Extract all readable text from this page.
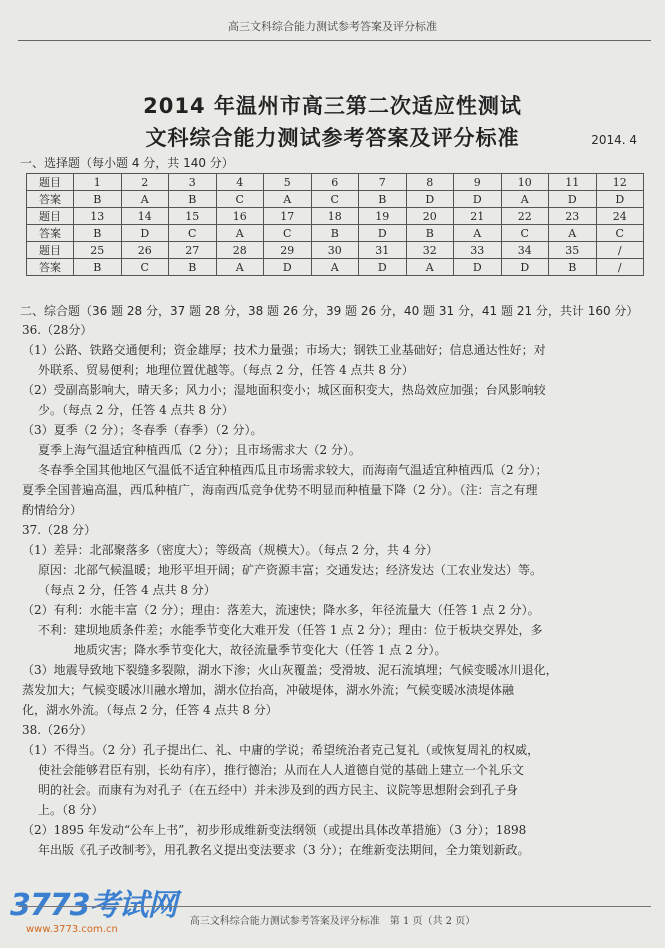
高三文科综合能力测试参考答案及评分标准
2014 年温州市高三第二次适应性测试
文科综合能力测试参考答案及评分标准	2014. 4
一、选择题（每小题 4 分，共 140 分）
题目	1	2	3	4	5	6	7	8	9	10	11	12
答案	B	A	B	C	A	C	B	D	D	A	D	D
题目	13	14	15	16	17	18	19	20	21	22	23	24
答案	B	D	C	A	C	B	D	B	A	C	A	C
题目	25	26	27	28	29	30	31	32	33	34	35	/
答案	B	C	B	A	D	A	D	A	D	D	B	/
二、综合题（36 题 28 分，37 题 28 分，38 题 26 分，39 题 26 分，40 题 31 分，41 题 21 分，共计 160 分）
36.（28分）
（1）公路、铁路交通便利；资金雄厚；技术力量强；市场大；钢铁工业基础好；信息通达性好；对
外联系、贸易便利；地理位置优越等。（每点 2 分，任答 4 点共 8 分）
（2）受副高影响大，晴天多；风力小；湿地面积变小；城区面积变大，热岛效应加强；台风影响较
少。（每点 2 分，任答 4 点共 8 分）
（3）夏季（2 分）；冬春季（春季）（2 分）。
夏季上海气温适宜种植西瓜（2 分）；且市场需求大（2 分）。
冬春季全国其他地区气温低不适宜种植西瓜且市场需求较大，而海南气温适宜种植西瓜（2 分）；
夏季全国普遍高温，西瓜种植广，海南西瓜竞争优势不明显而种植量下降（2 分）。（注：言之有理
酌情给分）
37.（28 分）
（1）差异：北部聚落多（密度大）；等级高（规模大）。（每点 2 分，共 4 分）
原因：北部气候温暖；地形平坦开阔；矿产资源丰富；交通发达；经济发达（工农业发达）等。
（每点 2 分，任答 4 点共 8 分）
（2）有利：水能丰富（2 分）；理由：落差大，流速快；降水多，年径流量大（任答 1 点 2 分）。
不利：建坝地质条件差；水能季节变化大难开发（任答 1 点 2 分）；理由：位于板块交界处，多
地质灾害；降水季节变化大，故径流量季节变化大（任答 1 点 2 分）。
（3）地震导致地下裂缝多裂隙，湖水下渗；火山灰覆盖；受滑坡、泥石流填埋；气候变暖冰川退化，
蒸发加大；气候变暖冰川融水增加，湖水位抬高，冲破堤体，湖水外流；气候变暖冰渍堤体融
化，湖水外流。（每点 2 分，任答 4 点共 8 分）
38.（26分）
（1）不得当。（2 分）孔子提出仁、礼、中庸的学说；希望统治者克己复礼（或恢复周礼的权威，
使社会能够君臣有别，长幼有序），推行德治；从而在人人道德自觉的基础上建立一个礼乐文
明的社会。而康有为对孔子（在五经中）并未涉及到的西方民主、议院等思想附会到孔子身
上。（8 分）
（2）1895 年发动“公车上书”，初步形成维新变法纲领（或提出具体改革措施）（3 分）；1898
年出版《孔子改制考》，用孔教名义提出变法要求（3 分）；在维新变法期间，全力策划新政。
3773考试网
www.3773.com.cn
高三文科综合能力测试参考答案及评分标准　第 1 页（共 2 页）
